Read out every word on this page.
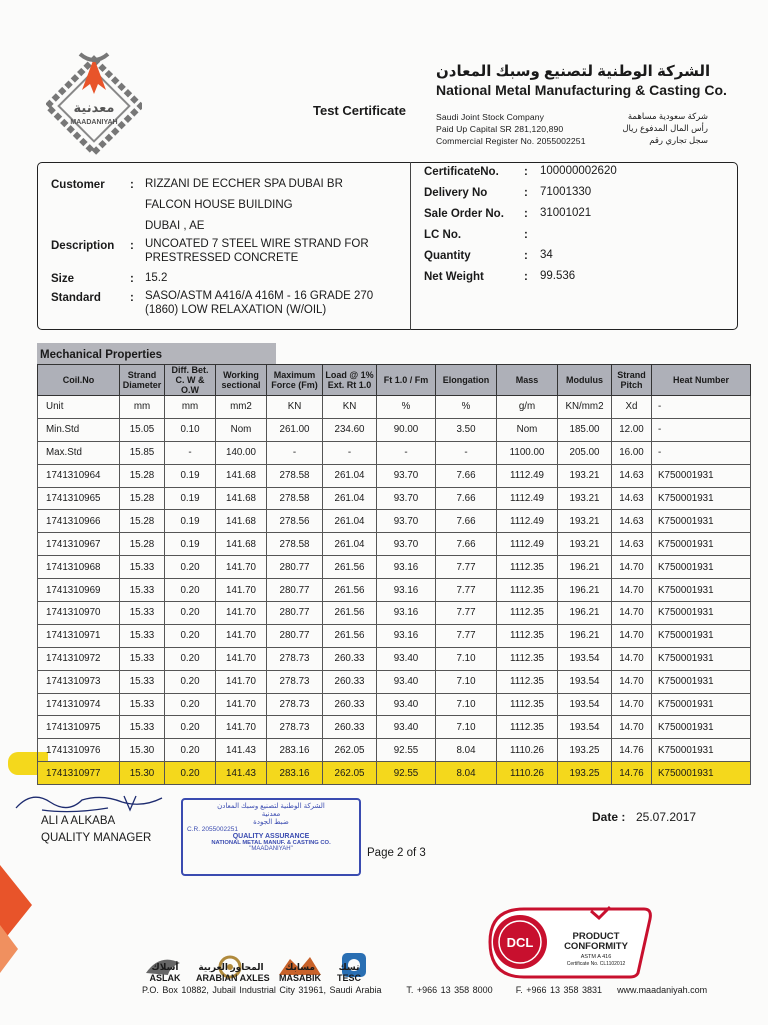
معدنية
MAADANIYAH
Test Certificate
الشركة الوطنية لتصنيع وسبك المعادن
National Metal Manufacturing & Casting Co.
Saudi Joint Stock Company
Paid Up Capital SR 281,120,890
Commercial Register No. 2055002251
شركة سعودية مساهمة
رأس المال المدفوع ريال
سجل تجاري رقم
Customer : RIZZANI DE ECCHER SPA DUBAI BR
FALCON HOUSE BUILDING
DUBAI , AE
Description : UNCOATED 7 STEEL WIRE STRAND FOR
PRESTRESSED CONCRETE
Size	: 15.2
Standard	: SASO/ASTM A416/A 416M - 16 GRADE 270
(1860) LOW RELAXATION (W/OIL)
CertificateNo. : 100000002620
Delivery No	: 71001330
Sale Order No. : 31001021
LC No.	:
Quantity	: 34
Net Weight	: 99.536
Mechanical Properties
Coil.No	Strand Diameter	Diff. Bet. C. W & O.W	Working sectional	Maximum Force (Fm)	Load @ 1% Ext. Rt 1.0	Ft 1.0 / Fm	Elongation	Mass	Modulus	Strand Pitch	Heat Number
Unit	mm	mm	mm2	KN	KN	%	%	g/m	KN/mm2	Xd	-
Min.Std	15.05	0.10	Nom	261.00	234.60	90.00	3.50	Nom	185.00	12.00	-
Max.Std	15.85	-	140.00	-	-	-	-	1100.00	205.00	16.00	-
1741310964	15.28	0.19	141.68	278.58	261.04	93.70	7.66	1112.49	193.21	14.63	K750001931
1741310965	15.28	0.19	141.68	278.58	261.04	93.70	7.66	1112.49	193.21	14.63	K750001931
1741310966	15.28	0.19	141.68	278.56	261.04	93.70	7.66	1112.49	193.21	14.63	K750001931
1741310967	15.28	0.19	141.68	278.58	261.04	93.70	7.66	1112.49	193.21	14.63	K750001931
1741310968	15.33	0.20	141.70	280.77	261.56	93.16	7.77	1112.35	196.21	14.70	K750001931
1741310969	15.33	0.20	141.70	280.77	261.56	93.16	7.77	1112.35	196.21	14.70	K750001931
1741310970	15.33	0.20	141.70	280.77	261.56	93.16	7.77	1112.35	196.21	14.70	K750001931
1741310971	15.33	0.20	141.70	280.77	261.56	93.16	7.77	1112.35	196.21	14.70	K750001931
1741310972	15.33	0.20	141.70	278.73	260.33	93.40	7.10	1112.35	193.54	14.70	K750001931
1741310973	15.33	0.20	141.70	278.73	260.33	93.40	7.10	1112.35	193.54	14.70	K750001931
1741310974	15.33	0.20	141.70	278.73	260.33	93.40	7.10	1112.35	193.54	14.70	K750001931
1741310975	15.33	0.20	141.70	278.73	260.33	93.40	7.10	1112.35	193.54	14.70	K750001931
1741310976	15.30	0.20	141.43	283.16	262.05	92.55	8.04	1110.26	193.25	14.76	K750001931
1741310977	15.30	0.20	141.43	283.16	262.05	92.55	8.04	1110.26	193.25	14.76	K750001931
ALI A ALKABA
QUALITY MANAGER
الشركة الوطنية لتصنيع وسبك المعادن
معدنية
ضبط الجودة
C.R. 2055002251
QUALITY ASSURANCE
NATIONAL METAL MANUF. & CASTING CO.
"MAADANIYAH"
Date : 25.07.2017
Page 2 of 3
أسلاك
ASLAK
المحاور العربية
ARABIAN AXLES
مسابك
MASABIK
تسك
TESC
DCL	PRODUCT
CONFORMITY
ASTM A 416
Certificate No. CL1102012
P.O. Box 10882, Jubail Industrial City 31961, Saudi Arabia	T. +966 13 358 8000	F. +966 13 358 3831 www.maadaniyah.com
